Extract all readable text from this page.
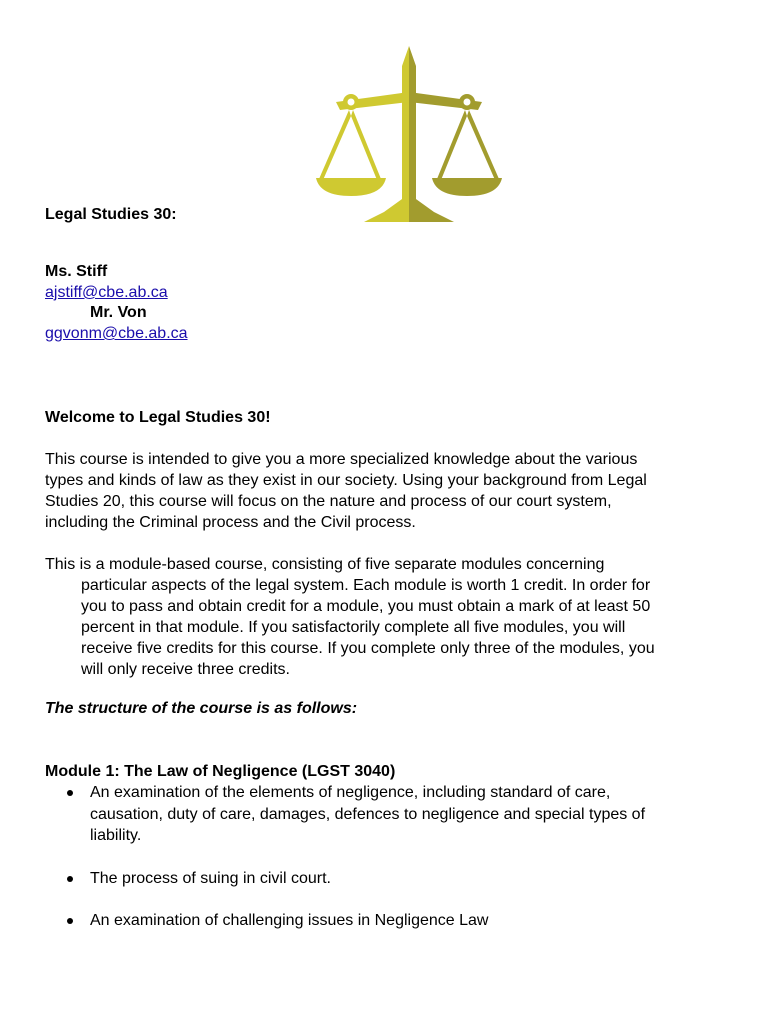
Legal Studies 30:
Ms. Stiff
ajstiff@cbe.ab.ca
Mr. Von
ggvonm@cbe.ab.ca
Welcome to Legal Studies 30!
This course is intended to give you a more specialized knowledge about the various
types and kinds of law as they exist in our society. Using your background from Legal
Studies 20, this course will focus on the nature and process of our court system,
including the Criminal process and the Civil process.
This is a module-based course, consisting of five separate modules concerning
particular aspects of the legal system. Each module is worth 1 credit. In order for
you to pass and obtain credit for a module, you must obtain a mark of at least 50
percent in that module. If you satisfactorily complete all five modules, you will
receive five credits for this course. If you complete only three of the modules, you
will only receive three credits.
The structure of the course is as follows:
Module 1: The Law of Negligence (LGST 3040)
An examination of the elements of negligence, including standard of care,
causation, duty of care, damages, defences to negligence and special types of
liability.
The process of suing in civil court.
An examination of challenging issues in Negligence Law
